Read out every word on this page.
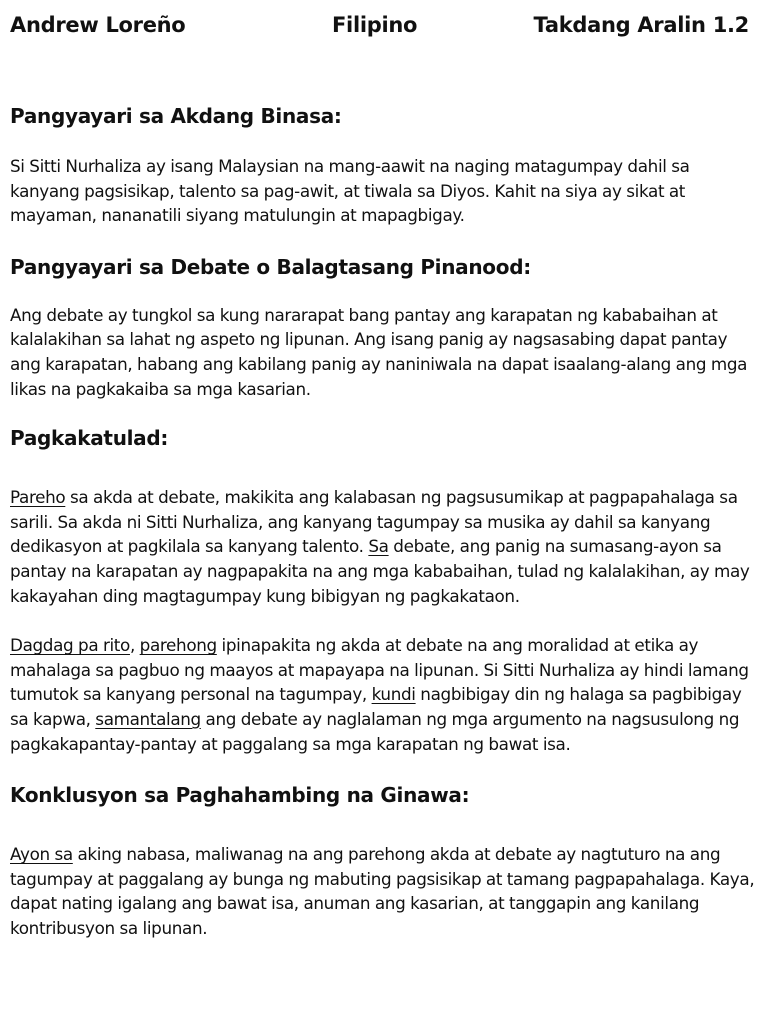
Andrew Loreño	Filipino	Takdang Aralin 1.2
Pangyayari sa Akdang Binasa:

Si Sitti Nurhaliza ay isang Malaysian na mang-aawit na naging matagumpay dahil sa kanyang pagsisikap, talento sa pag-awit, at tiwala sa Diyos. Kahit na siya ay sikat at mayaman, nananatili siyang matulungin at mapagbigay.

Pangyayari sa Debate o Balagtasang Pinanood:

Ang debate ay tungkol sa kung nararapat bang pantay ang karapatan ng kababaihan at kalalakihan sa lahat ng aspeto ng lipunan. Ang isang panig ay nagsasabing dapat pantay ang karapatan, habang ang kabilang panig ay naniniwala na dapat isaalang-alang ang mga likas na pagkakaiba sa mga kasarian.

Pagkakatulad:

Pareho sa akda at debate, makikita ang kalabasan ng pagsusumikap at pagpapahalaga sa sarili. Sa akda ni Sitti Nurhaliza, ang kanyang tagumpay sa musika ay dahil sa kanyang dedikasyon at pagkilala sa kanyang talento. Sa debate, ang panig na sumasang-ayon sa pantay na karapatan ay nagpapakita na ang mga kababaihan, tulad ng kalalakihan, ay may kakayahan ding magtagumpay kung bibigyan ng pagkakataon.

Dagdag pa rito, parehong ipinapakita ng akda at debate na ang moralidad at etika ay mahalaga sa pagbuo ng maayos at mapayapa na lipunan. Si Sitti Nurhaliza ay hindi lamang tumutok sa kanyang personal na tagumpay, kundi nagbibigay din ng halaga sa pagbibigay sa kapwa, samantalang ang debate ay naglalaman ng mga argumento na nagsusulong ng pagkakapantay-pantay at paggalang sa mga karapatan ng bawat isa.

Konklusyon sa Paghahambing na Ginawa:

Ayon sa aking nabasa, maliwanag na ang parehong akda at debate ay nagtuturo na ang tagumpay at paggalang ay bunga ng mabuting pagsisikap at tamang pagpapahalaga. Kaya, dapat nating igalang ang bawat isa, anuman ang kasarian, at tanggapin ang kanilang kontribusyon sa lipunan.
